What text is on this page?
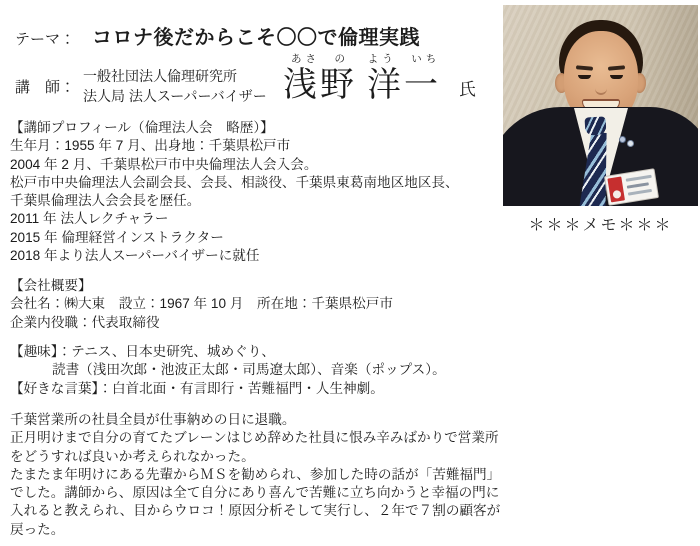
テーマ： コロナ後だからこそ〇〇で倫理実践
講　師：
一般社団法人倫理研究所
法人局 法人スーパーバイザー
あさ　の
浅野
よう　いち
洋一 氏
【講師プロフィール（倫理法人会　略歴）】
生年月：1955 年 7 月、出身地：千葉県松戸市
2004 年 2 月、千葉県松戸市中央倫理法人会入会。
松戸市中央倫理法人会副会長、会長、相談役、千葉県東葛南地区地区長、
千葉県倫理法人会会長を歴任。
2011 年 法人レクチャラー
2015 年 倫理経営インストラクター
2018 年より法人スーパーバイザーに就任
【会社概要】
会社名：㈱大東　設立：1967 年 10 月　所在地：千葉県松戸市
企業内役職：代表取締役
【趣味】：テニス、日本史研究、城めぐり、
読書（浅田次郎・池波正太郎・司馬遼太郎）、音楽（ポップス）。
【好きな言葉】：白首北面・有言即行・苦難福門・人生神劇。
千葉営業所の社員全員が仕事納めの日に退職。
正月明けまで自分の育てたブレーンはじめ辞めた社員に恨み辛みばかりで営業所
をどうすれば良いか考えられなかった。
たまたま年明けにある先輩からＭＳを勧められ、参加した時の話が「苦難福門」
でした。講師から、原因は全て自分にあり喜んで苦難に立ち向かうと幸福の門に
入れると教えられ、目からウロコ！原因分析そして実行し、２年で７割の顧客が
戻った。
＊＊＊メモ＊＊＊
